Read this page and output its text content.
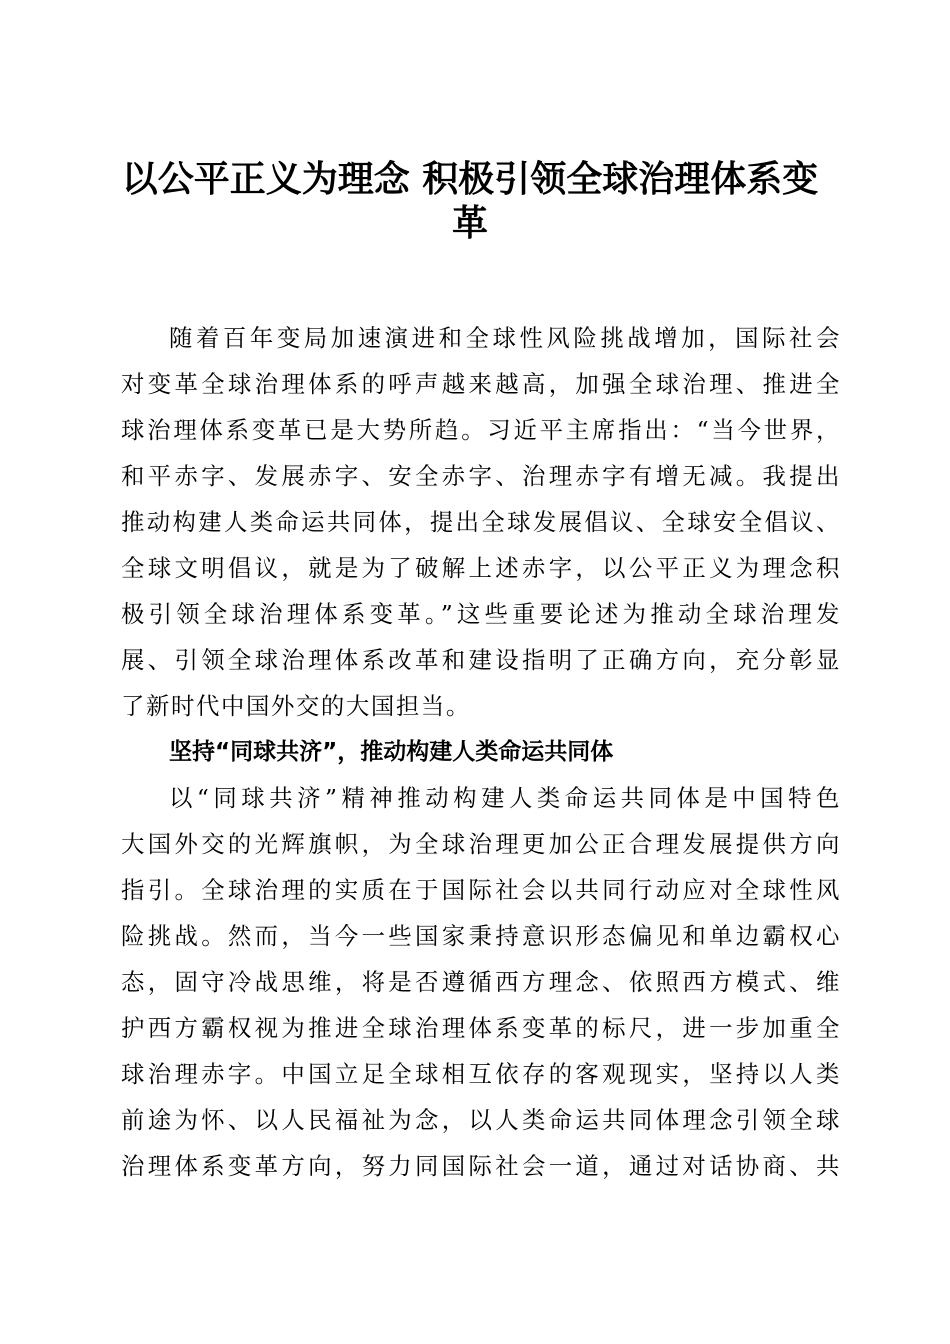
以公平正义为理念 积极引领全球治理体系变
革
随着百年变局加速演进和全球性风险挑战增加，国际社会
对变革全球治理体系的呼声越来越高，加强全球治理、推进全
球治理体系变革已是大势所趋。习近平主席指出：“当今世界，
和平赤字、发展赤字、安全赤字、治理赤字有增无减。我提出
推动构建人类命运共同体，提出全球发展倡议、全球安全倡议、
全球文明倡议，就是为了破解上述赤字，以公平正义为理念积
极引领全球治理体系变革。”这些重要论述为推动全球治理发
展、引领全球治理体系改革和建设指明了正确方向，充分彰显
了新时代中国外交的大国担当。
坚持“同球共济”，推动构建人类命运共同体
以“同球共济”精神推动构建人类命运共同体是中国特色
大国外交的光辉旗帜，为全球治理更加公正合理发展提供方向
指引。全球治理的实质在于国际社会以共同行动应对全球性风
险挑战。然而，当今一些国家秉持意识形态偏见和单边霸权心
态，固守冷战思维，将是否遵循西方理念、依照西方模式、维
护西方霸权视为推进全球治理体系变革的标尺，进一步加重全
球治理赤字。中国立足全球相互依存的客观现实，坚持以人类
前途为怀、以人民福祉为念，以人类命运共同体理念引领全球
治理体系变革方向，努力同国际社会一道，通过对话协商、共
